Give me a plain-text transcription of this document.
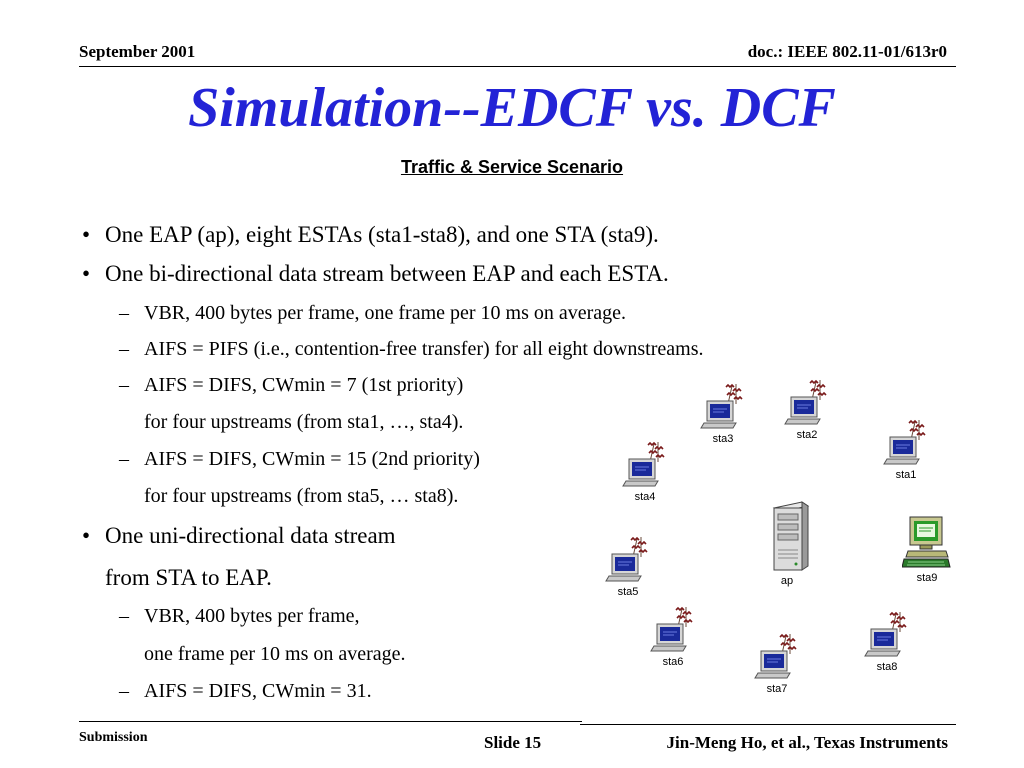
September 2001	doc.: IEEE 802.11-01/613r0
Simulation--EDCF vs. DCF
Traffic & Service Scenario
• One EAP (ap), eight ESTAs (sta1-sta8), and one STA (sta9).
• One bi-directional data stream between EAP and each ESTA.
– VBR, 400 bytes per frame, one frame per 10 ms on average.
– AIFS = PIFS (i.e., contention-free transfer) for all eight downstreams.
– AIFS = DIFS, CWmin = 7 (1st priority)
for four upstreams (from sta1, …, sta4).
– AIFS = DIFS, CWmin = 15 (2nd priority)
for four upstreams (from sta5, … sta8).
• One uni-directional data stream
from STA to EAP.
– VBR, 400 bytes per frame,
one frame per 10 ms on average.
– AIFS = DIFS, CWmin = 31.
sta3	sta2
sta1
sta4
ap	sta9
sta5
sta6
sta7
sta8
Submission	Slide 15	Jin-Meng Ho, et al., Texas Instruments
